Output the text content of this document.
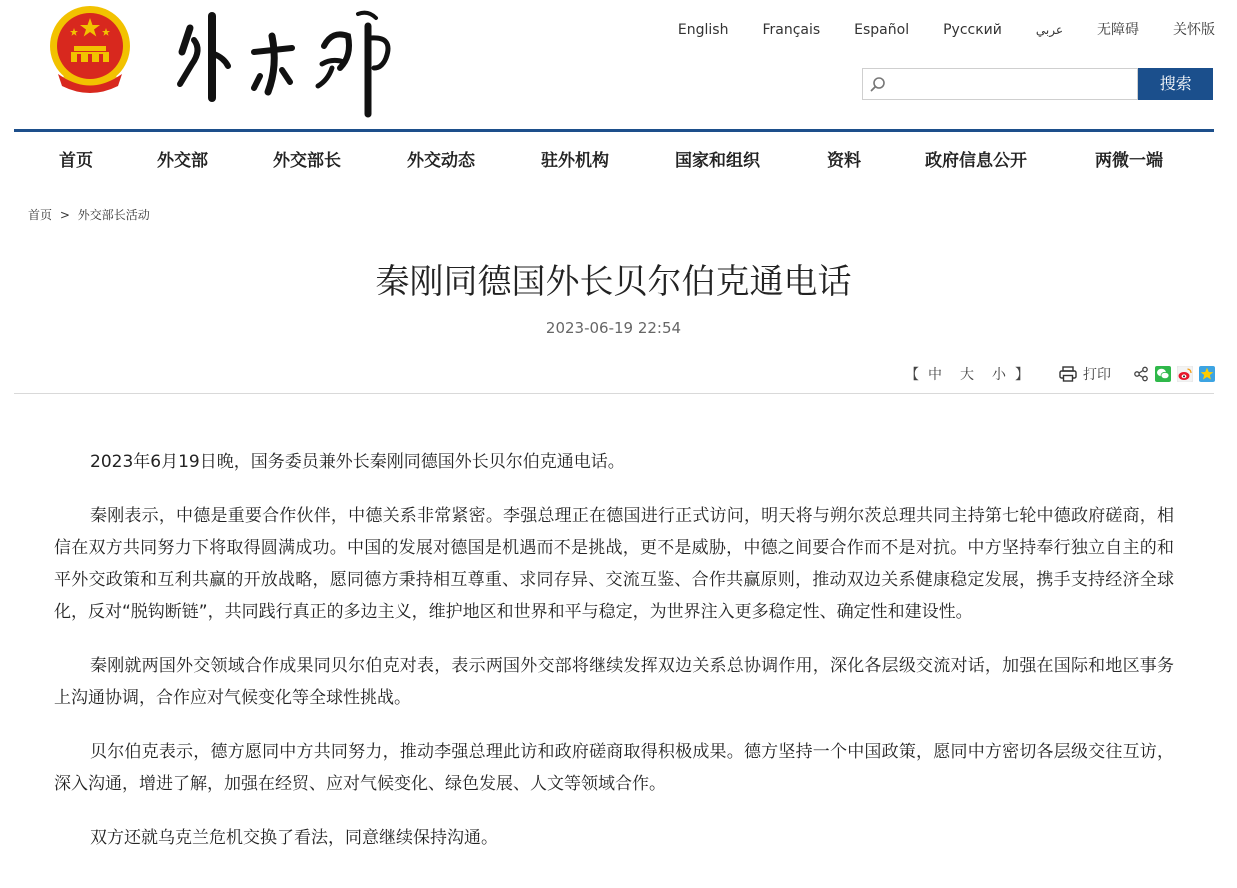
English Français Español Русский	عربي 无障碍 关怀版
搜索
首页	外交部	外交部长	外交动态	驻外机构	国家和组织	资料	政府信息公开	两微一端
首页 > 外交部长活动
秦刚同德国外长贝尔伯克通电话
2023-06-19 22:54
【 中 大 小 】	打印

2023年6月19日晚，国务委员兼外长秦刚同德国外长贝尔伯克通电话。

秦刚表示，中德是重要合作伙伴，中德关系非常紧密。李强总理正在德国进行正式访问，明天将与朔尔茨总理共同主持第七轮中德政府磋商，相信在双方共同努力下将取得圆满成功。中国的发展对德国是机遇而不是挑战，更不是威胁，中德之间要合作而不是对抗。中方坚持奉行独立自主的和平外交政策和互利共赢的开放战略，愿同德方秉持相互尊重、求同存异、交流互鉴、合作共赢原则，推动双边关系健康稳定发展，携手支持经济全球化，反对“脱钩断链”，共同践行真正的多边主义，维护地区和世界和平与稳定，为世界注入更多稳定性、确定性和建设性。

秦刚就两国外交领域合作成果同贝尔伯克对表，表示两国外交部将继续发挥双边关系总协调作用，深化各层级交流对话，加强在国际和地区事务上沟通协调，合作应对气候变化等全球性挑战。

贝尔伯克表示，德方愿同中方共同努力，推动李强总理此访和政府磋商取得积极成果。德方坚持一个中国政策，愿同中方密切各层级交往互访，深入沟通，增进了解，加强在经贸、应对气候变化、绿色发展、人文等领域合作。

双方还就乌克兰危机交换了看法，同意继续保持沟通。
